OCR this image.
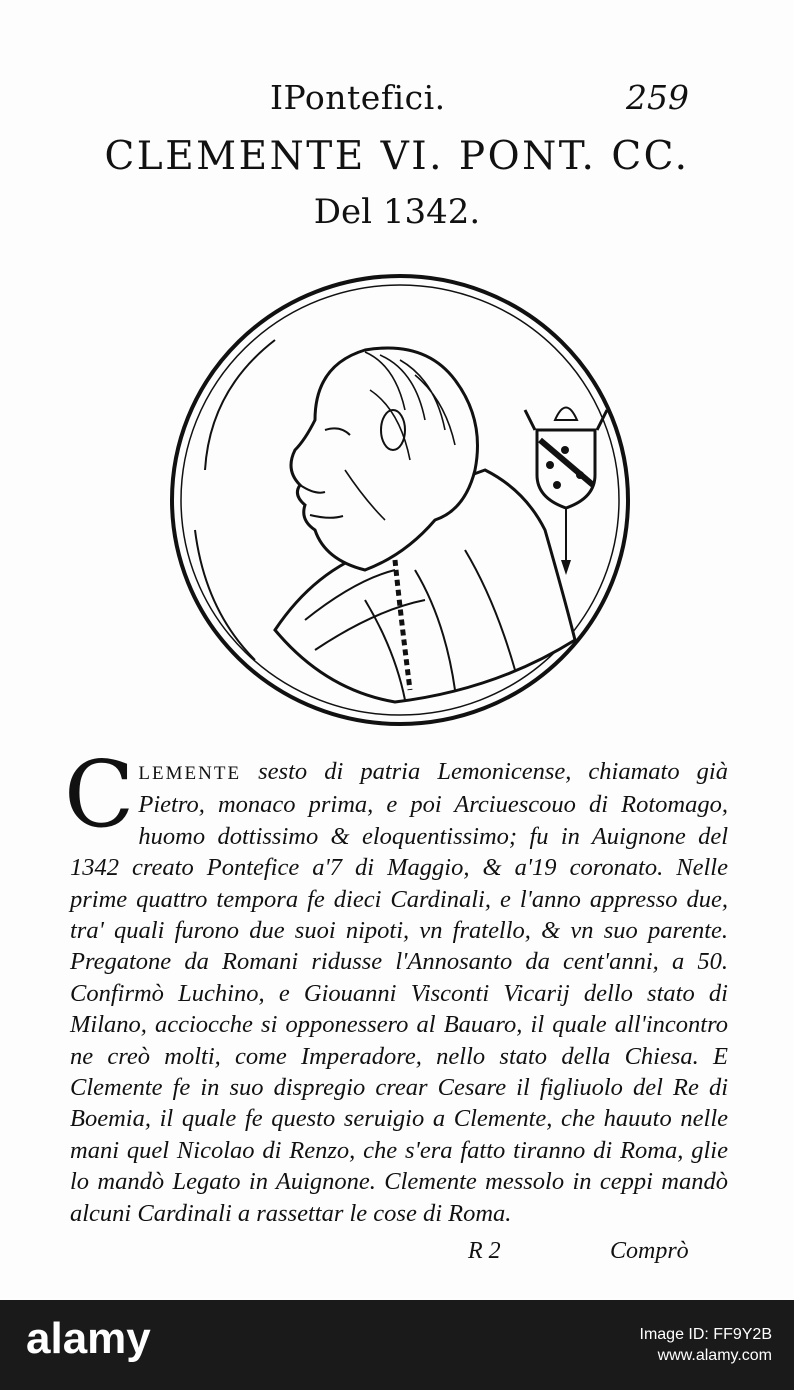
IPontefici.	259
CLEMENTE VI. PONT. CC.
Del 1342.
CLEMENTE sesto di patria Lemonicense, chiamato già Pietro, monaco prima, e poi Arciuescouo di Rotomago, huomo dottissimo & eloquentissimo; fu in Auignone del 1342 creato Pontefice a'7 di Maggio, & a'19 coronato. Nelle prime quattro tempora fe dieci Cardinali, e l'anno appresso due, tra' quali furono due suoi nipoti, vn fratello, & vn suo parente. Pregatone da Romani ridusse l'Annosanto da cent'anni, a 50. Confirmò Luchino, e Giouanni Visconti Vicarij dello stato di Milano, acciocche si opponessero al Bauaro, il quale all'incontro ne creò molti, come Imperadore, nello stato della Chiesa. E Clemente fe in suo dispregio crear Cesare il figliuolo del Re di Boemia, il quale fe questo seruigio a Clemente, che hauuto nelle mani quel Nicolao di Renzo, che s'era fatto tiranno di Roma, glie lo mandò Legato in Auignone. Clemente messolo in ceppi mandò alcuni Cardinali a rassettar le cose di Roma.
R 2	Comprò
alamy	Image ID: FF9Y2B
www.alamy.com
